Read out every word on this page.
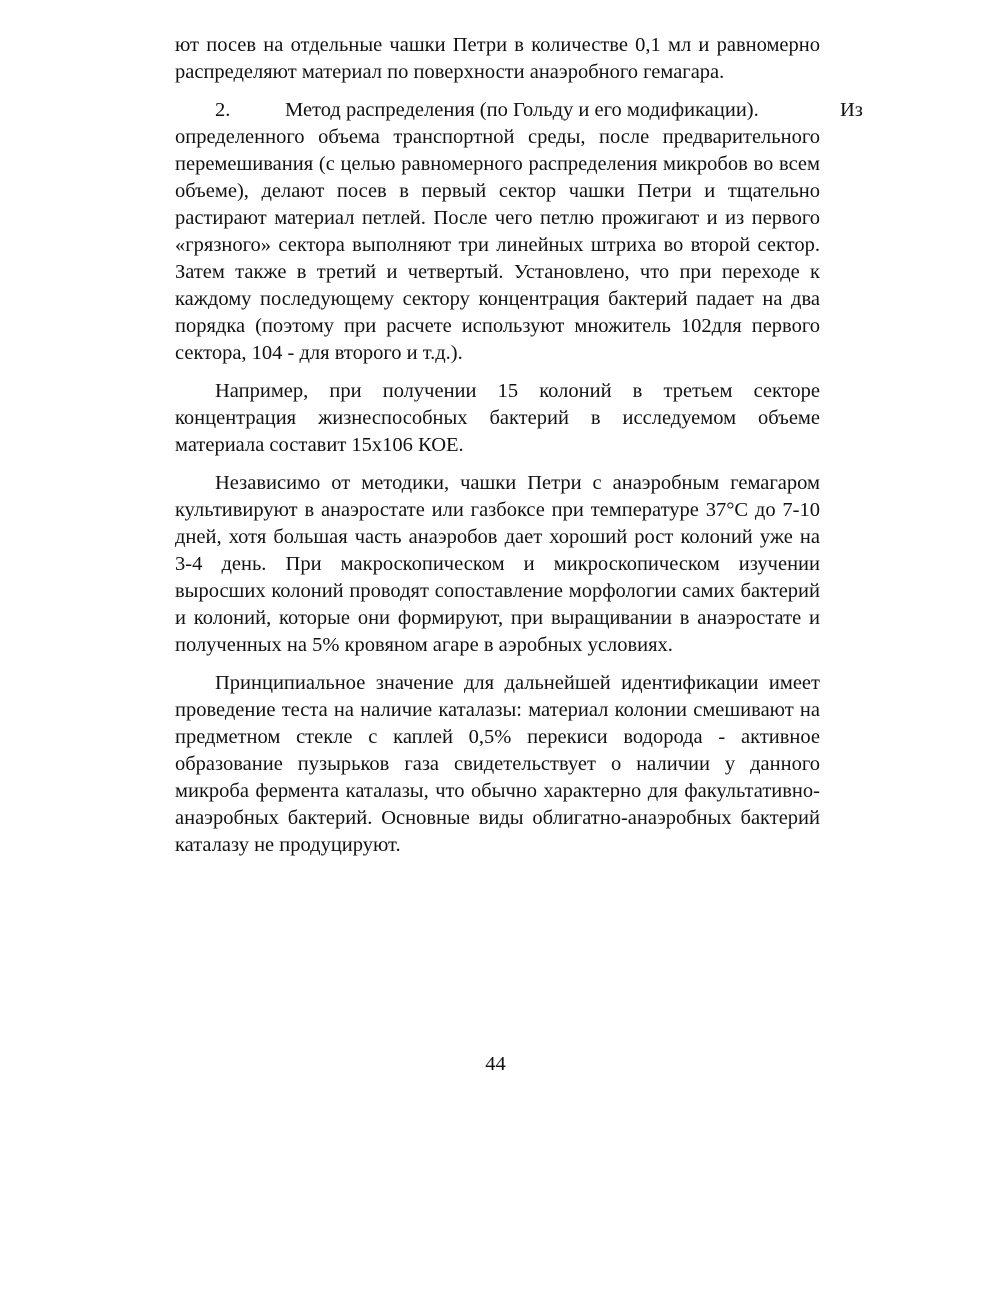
ют посев на отдельные чашки Петри в количестве 0,1 мл и равномерно распределяют материал по поверхности анаэробного гемагара.

2.	Метод распределения (по Гольду и его модификации).
определенного объема транспортной среды, после предварительного перемешивания (с целью равномерного распределения микробов во всем объеме), делают посев в первый сектор чашки Петри и тщательно растирают материал петлей. После чего петлю прожигают и из первого «грязного» сектора выполняют три линейных штриха во второй сектор. Затем также в третий и четвертый. Установлено, что при переходе к каждому последующему сектору концентрация бактерий падает на два порядка (поэтому при расчете используют множитель 102для первого сектора, 104 - для второго и т.д.).

Из

Например, при получении 15 колоний в третьем секторе концентрация жизнеспособных бактерий в исследуемом объеме материала составит 15x106 КОЕ.

Независимо от методики, чашки Петри с анаэробным гемагаром культивируют в анаэростате или газбоксе при температуре 37°С до 7-10 дней, хотя большая часть анаэробов дает хороший рост колоний уже на 3-4 день. При макроскопическом и микроскопическом изучении выросших колоний проводят сопоставление морфологии самих бактерий и колоний, которые они формируют, при выращивании в анаэростате и полученных на 5% кровяном агаре в аэробных условиях.

Принципиальное значение для дальнейшей идентификации имеет проведение теста на наличие каталазы: материал колонии смешивают на предметном стекле с каплей 0,5% перекиси водорода - активное образование пузырьков газа свидетельствует о наличии у данного микроба фермента каталазы, что обычно характерно для факультативно-анаэробных бактерий. Основные виды облигатно-анаэробных бактерий каталазу не продуцируют.

44
